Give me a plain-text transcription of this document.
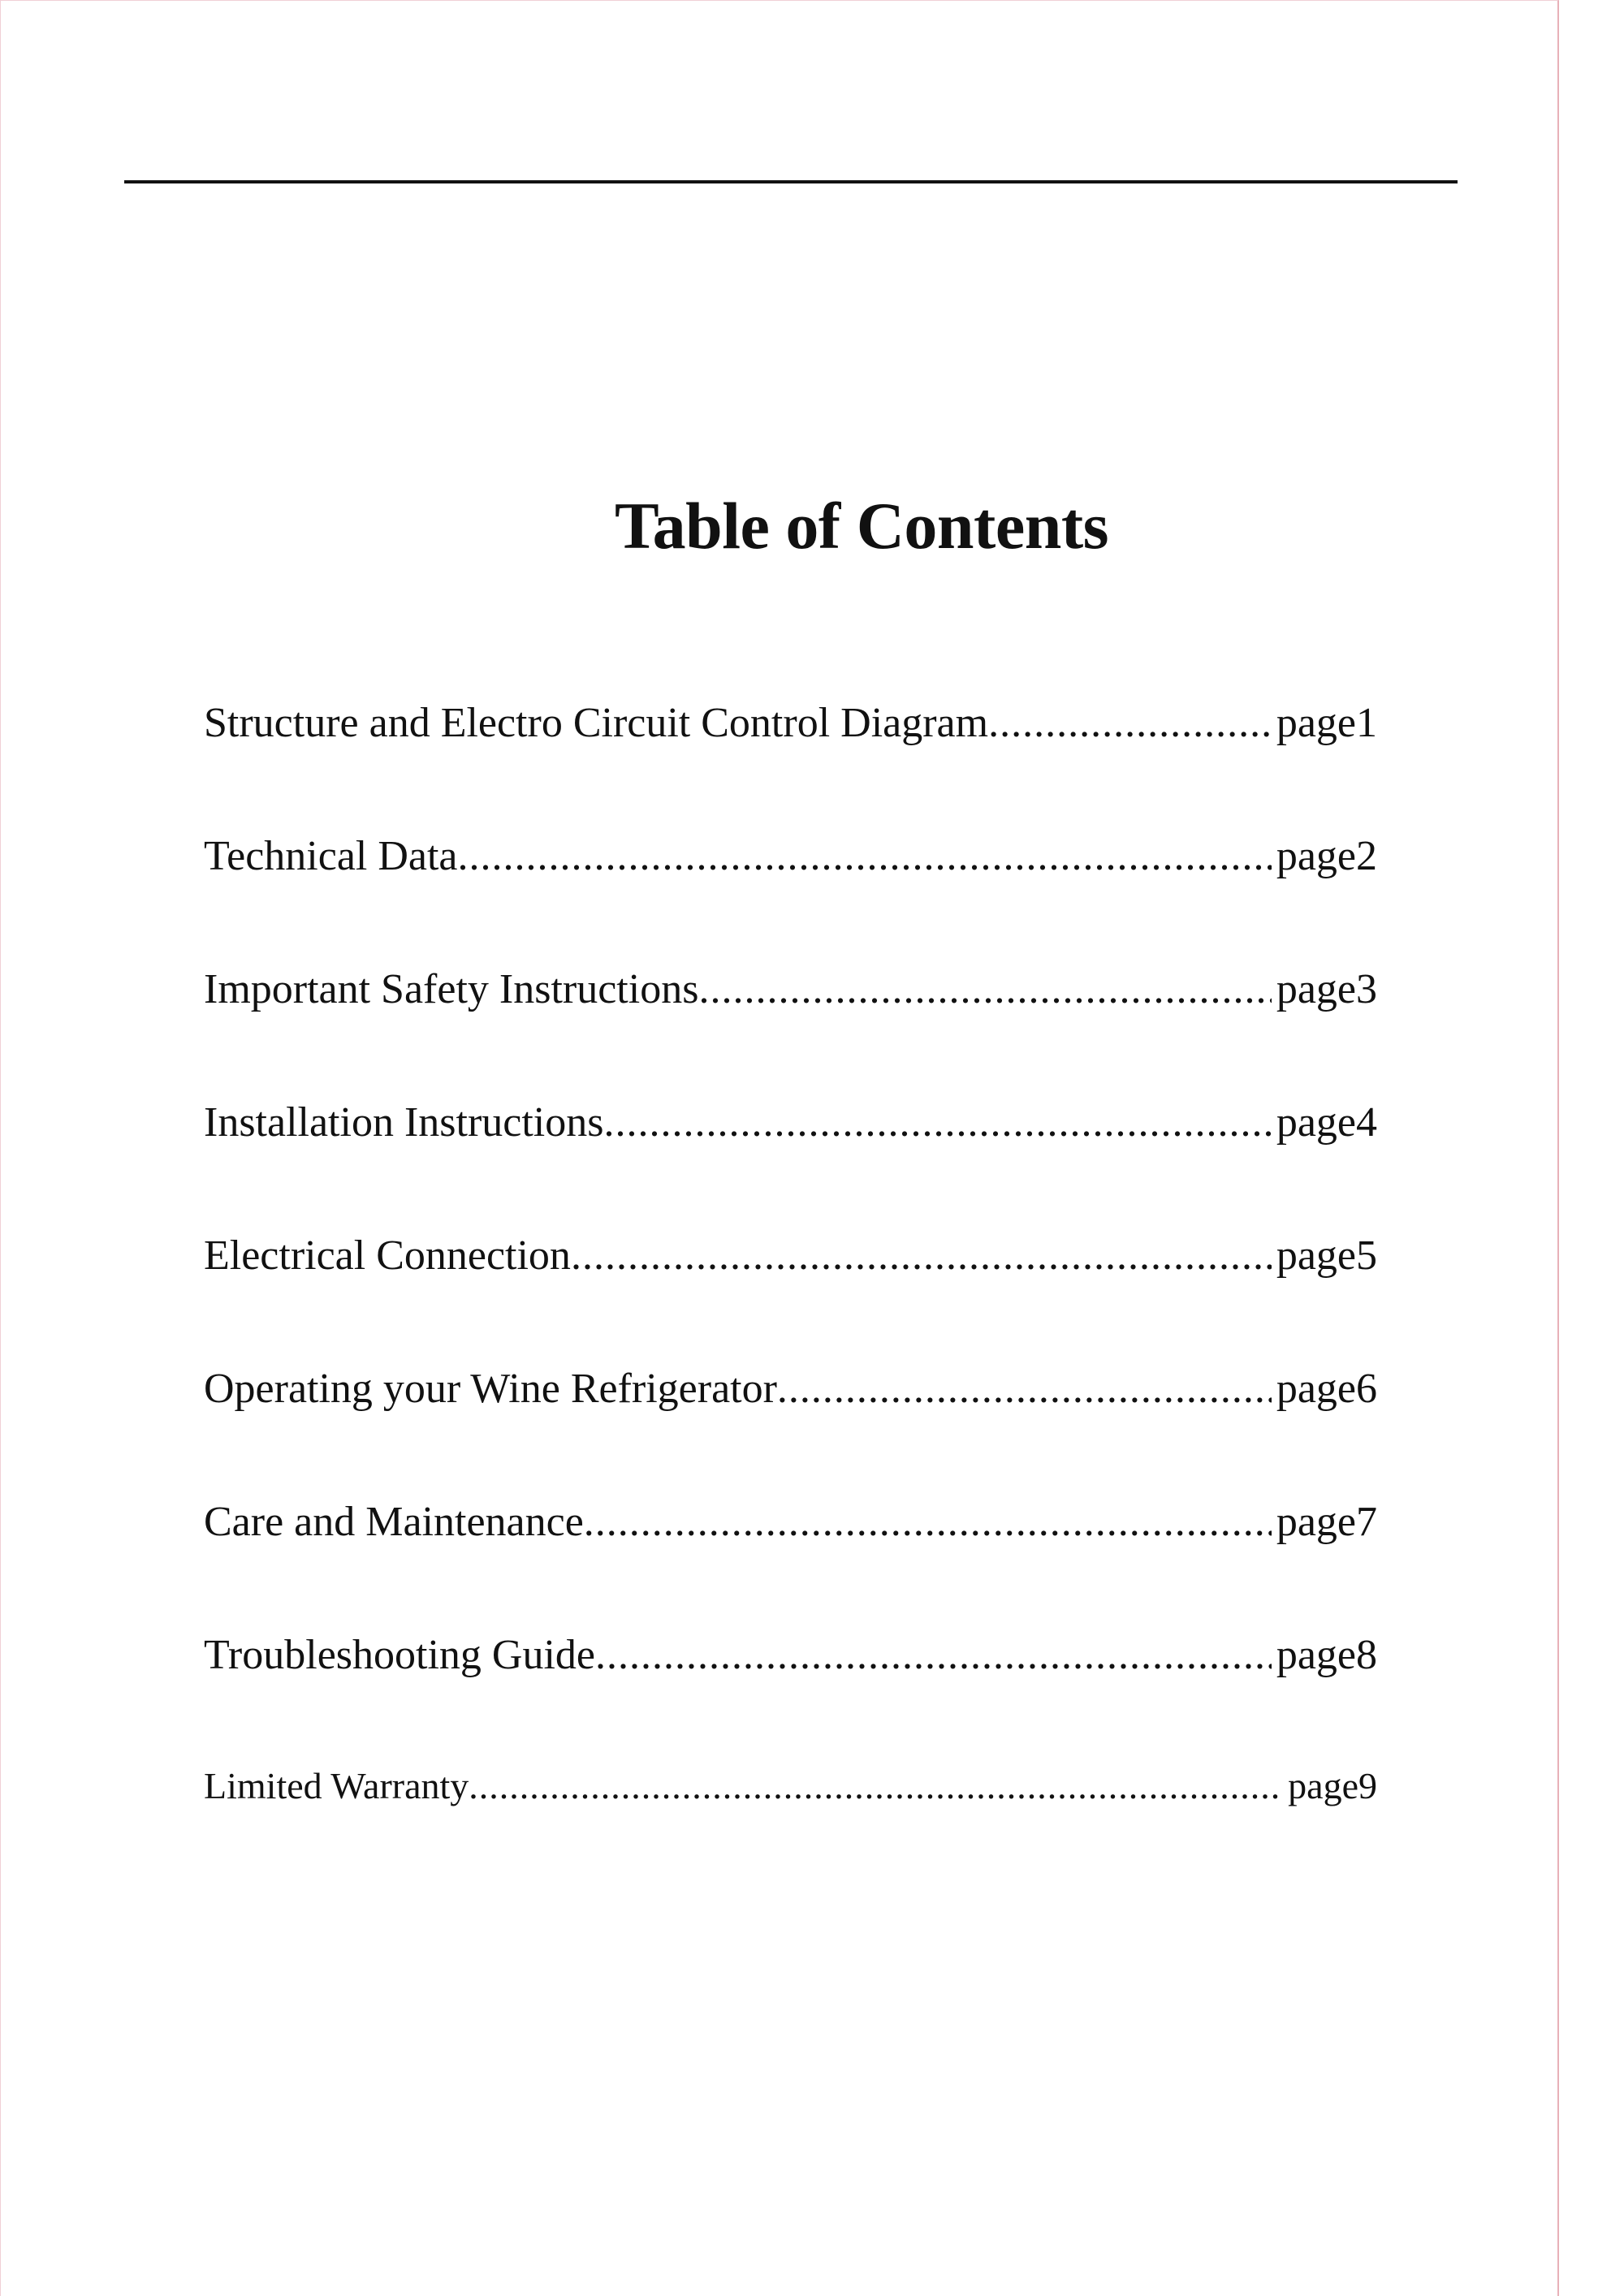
Table of Contents
Structure and Electro Circuit Control Diagram .....	page1
Technical Data .....	page2
Important Safety Instructions .....	page3
Installation Instructions .....	page4
Electrical Connection .....	page5
Operating your Wine Refrigerator .....	page6
Care and Maintenance .....	page7
Troubleshooting Guide .....	page8
Limited Warranty .....	page9
